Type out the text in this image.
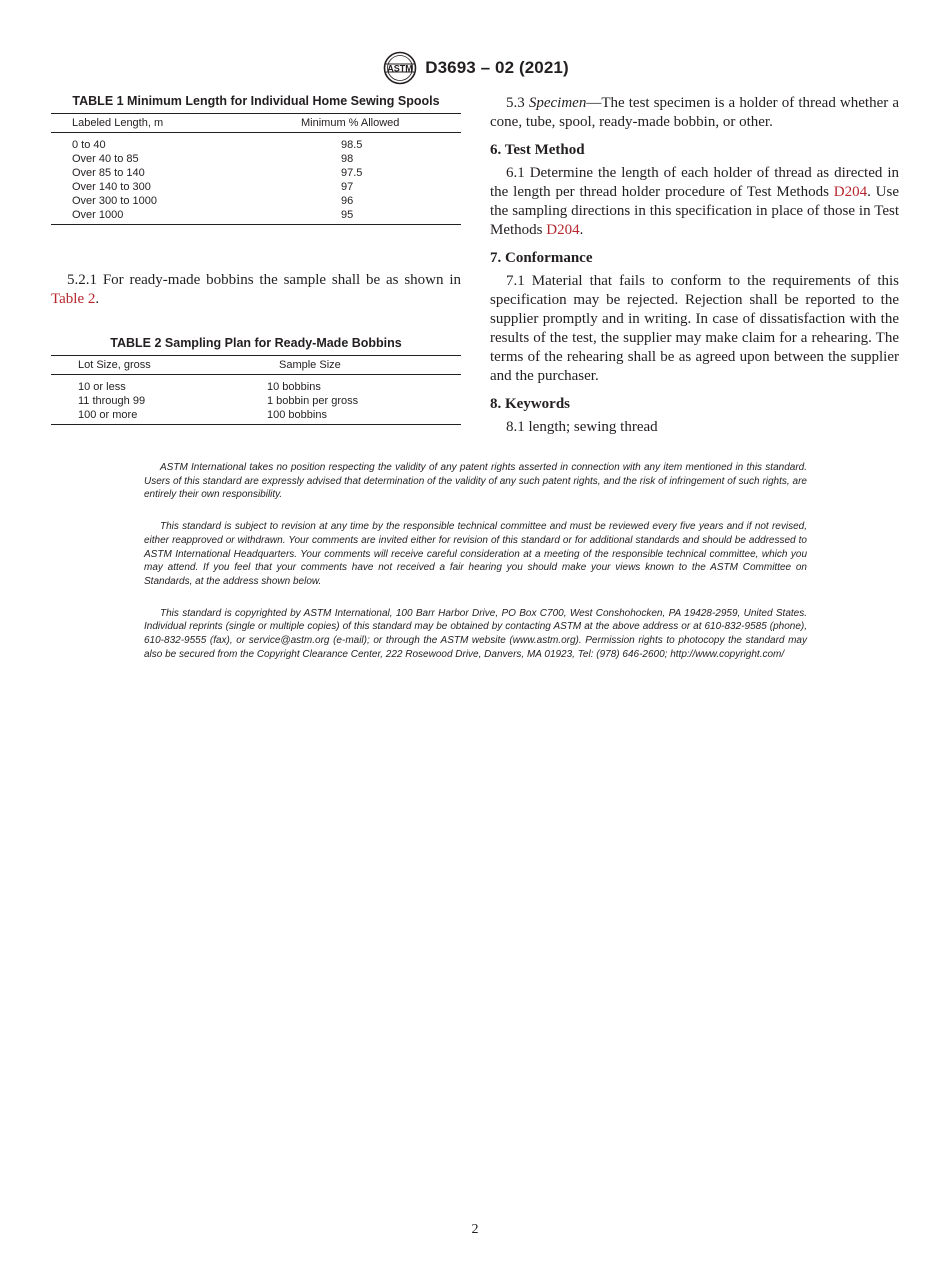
ASTM D3693 – 02 (2021)
TABLE 1 Minimum Length for Individual Home Sewing Spools
Labeled Length, m	Minimum % Allowed
0 to 40	98.5
Over 40 to 85	98
Over 85 to 140	97.5
Over 140 to 300	97
Over 300 to 1000	96
Over 1000	95

5.2.1 For ready-made bobbins the sample shall be as shown in Table 2.

TABLE 2 Sampling Plan for Ready-Made Bobbins
Lot Size, gross	Sample Size
10 or less	10 bobbins
11 through 99	1 bobbin per gross
100 or more	100 bobbins

5.3 Specimen—The test specimen is a holder of thread whether a cone, tube, spool, ready-made bobbin, or other.

6. Test Method

6.1 Determine the length of each holder of thread as directed in the length per thread holder procedure of Test Methods D204. Use the sampling directions in this specification in place of those in Test Methods D204.

7. Conformance

7.1 Material that fails to conform to the requirements of this specification may be rejected. Rejection shall be reported to the supplier promptly and in writing. In case of dissatisfaction with the results of the test, the supplier may make claim for a rehearing. The terms of the rehearing shall be as agreed upon between the supplier and the purchaser.

8. Keywords

8.1 length; sewing thread

ASTM International takes no position respecting the validity of any patent rights asserted in connection with any item mentioned in this standard. Users of this standard are expressly advised that determination of the validity of any such patent rights, and the risk of infringement of such rights, are entirely their own responsibility.

This standard is subject to revision at any time by the responsible technical committee and must be reviewed every five years and if not revised, either reapproved or withdrawn. Your comments are invited either for revision of this standard or for additional standards and should be addressed to ASTM International Headquarters. Your comments will receive careful consideration at a meeting of the responsible technical committee, which you may attend. If you feel that your comments have not received a fair hearing you should make your views known to the ASTM Committee on Standards, at the address shown below.

This standard is copyrighted by ASTM International, 100 Barr Harbor Drive, PO Box C700, West Conshohocken, PA 19428-2959, United States. Individual reprints (single or multiple copies) of this standard may be obtained by contacting ASTM at the above address or at 610-832-9585 (phone), 610-832-9555 (fax), or service@astm.org (e-mail); or through the ASTM website (www.astm.org). Permission rights to photocopy the standard may also be secured from the Copyright Clearance Center, 222 Rosewood Drive, Danvers, MA 01923, Tel: (978) 646-2600; http://www.copyright.com/

2
